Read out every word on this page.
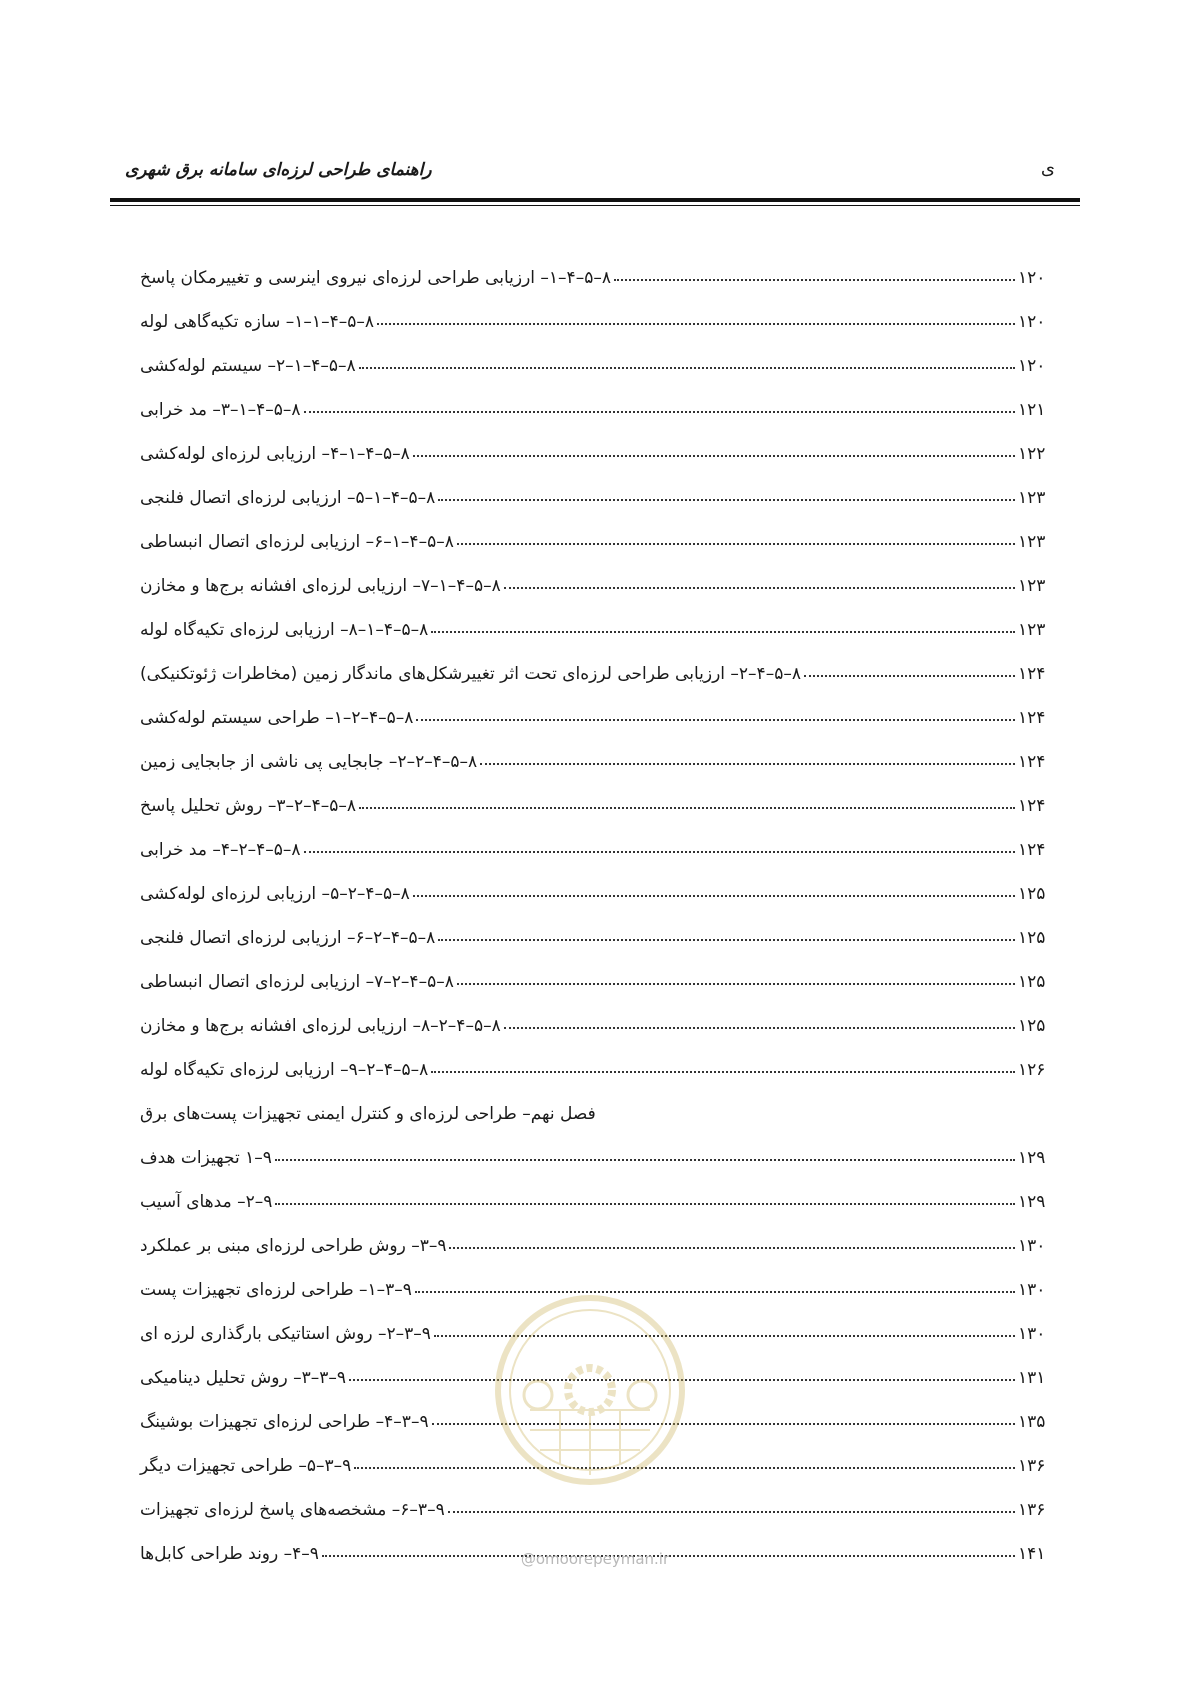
راهنمای طراحی لرزه‌ای سامانه برق شهری	ی
۸–۵–۴–۱– ارزیابی طراحی لرزه‌ای نیروی اینرسی و تغییرمکان پاسخ	۱۲۰
۸–۵–۴–۱–۱– سازه تکیه‌گاهی لوله	۱۲۰
۸–۵–۴–۱–۲– سیستم لوله‌کشی	۱۲۰
۸–۵–۴–۱–۳– مد خرابی	۱۲۱
۸–۵–۴–۱–۴– ارزیابی لرزه‌ای لوله‌کشی	۱۲۲
۸–۵–۴–۱–۵– ارزیابی لرزه‌ای اتصال فلنجی	۱۲۳
۸–۵–۴–۱–۶– ارزیابی لرزه‌ای اتصال انبساطی	۱۲۳
۸–۵–۴–۱–۷– ارزیابی لرزه‌ای افشانه برج‌ها و مخازن	۱۲۳
۸–۵–۴–۱–۸– ارزیابی لرزه‌ای تکیه‌گاه لوله	۱۲۳
۸–۵–۴–۲– ارزیابی طراحی لرزه‌ای تحت اثر تغییرشکل‌های ماندگار زمین (مخاطرات ژئوتکنیکی)	۱۲۴
۸–۵–۴–۲–۱– طراحی سیستم لوله‌کشی	۱۲۴
۸–۵–۴–۲–۲– جابجایی پی ناشی از جابجایی زمین	۱۲۴
۸–۵–۴–۲–۳– روش تحلیل پاسخ	۱۲۴
۸–۵–۴–۲–۴– مد خرابی	۱۲۴
۸–۵–۴–۲–۵– ارزیابی لرزه‌ای لوله‌کشی	۱۲۵
۸–۵–۴–۲–۶– ارزیابی لرزه‌ای اتصال فلنجی	۱۲۵
۸–۵–۴–۲–۷– ارزیابی لرزه‌ای اتصال انبساطی	۱۲۵
۸–۵–۴–۲–۸– ارزیابی لرزه‌ای افشانه برج‌ها و مخازن	۱۲۵
۸–۵–۴–۲–۹– ارزیابی لرزه‌ای تکیه‌گاه لوله	۱۲۶
فصل نهم– طراحی لرزه‌ای و کنترل ایمنی تجهیزات پست‌های برق
۹–۱ تجهیزات هدف	۱۲۹
۹–۲– مدهای آسیب	۱۲۹
۹–۳– روش طراحی لرزه‌ای مبنی بر عملکرد	۱۳۰
۹–۳–۱– طراحی لرزه‌ای تجهیزات پست	۱۳۰
۹–۳–۲– روش استاتیکی بارگذاری لرزه ای	۱۳۰
۹–۳–۳– روش تحلیل دینامیکی	۱۳۱
۹–۳–۴– طراحی لرزه‌ای تجهیزات بوشینگ	۱۳۵
۹–۳–۵– طراحی تجهیزات دیگر	۱۳۶
۹–۳–۶– مشخصه‌های پاسخ لرزه‌ای تجهیزات	۱۳۶
۹–۴– روند طراحی کابل‌ها	۱۴۱
@omoorepeyman.ir
